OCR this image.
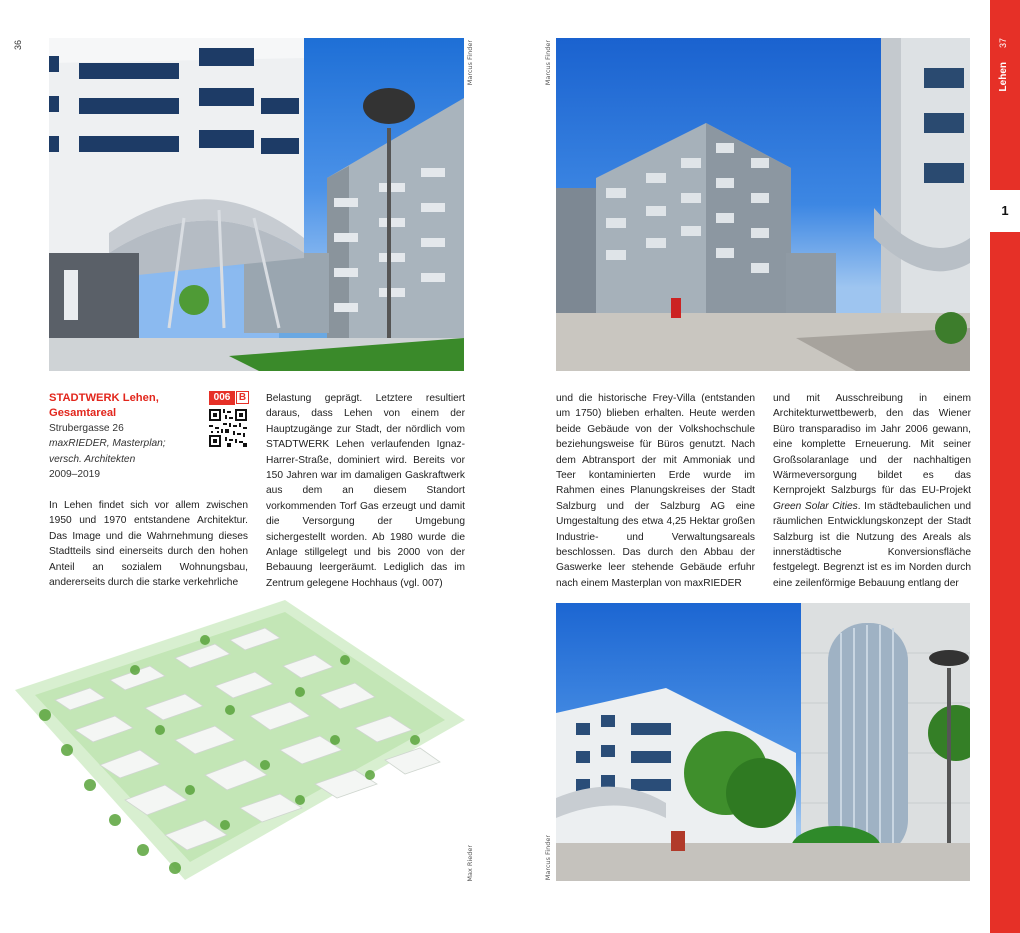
36	37
Lehen
1
Marcus Finder	Marcus Finder
STADTWERK Lehen,
Gesamtareal
Strubergasse 26
maxRIEDER, Masterplan;
versch. Architekten
2009–2019
006 B
In Lehen findet sich vor allem zwischen 1950 und 1970 entstandene Architektur. Das Image und die Wahrnehmung dieses Stadtteils sind einerseits durch den hohen Anteil an sozialem Wohnungsbau, andererseits durch die starke verkehrliche
Belastung geprägt. Letztere resultiert daraus, dass Lehen von einem der Hauptzugänge zur Stadt, der nördlich vom STADTWERK Lehen verlaufenden Ignaz-Harrer-Straße, dominiert wird. Bereits vor 150 Jahren war im damaligen Gaskraftwerk aus dem an diesem Standort vorkommenden Torf Gas erzeugt und damit die Versorgung der Umgebung sichergestellt worden. Ab 1980 wurde die Anlage stillgelegt und bis 2000 von der Bebauung leergeräumt. Lediglich das im Zentrum gelegene Hochhaus (vgl. 007)
und die historische Frey-Villa (entstanden um 1750) blieben erhalten. Heute werden beide Gebäude von der Volkshochschule beziehungsweise für Büros genutzt. Nach dem Abtransport der mit Ammoniak und Teer kontaminierten Erde wurde im Rahmen eines Planungskreises der Stadt Salzburg und der Salzburg AG eine Umgestaltung des etwa 4,25 Hektar großen Industrie- und Verwaltungsareals beschlossen. Das durch den Abbau der Gaswerke leer stehende Gebäude erfuhr nach einem Masterplan von maxRIEDER
und mit Ausschreibung in einem Architekturwettbewerb, den das Wiener Büro transparadiso im Jahr 2006 gewann, eine komplette Erneuerung. Mit seiner Großsolaranlage und der nachhaltigen Wärmeversorgung bildet es das Kernprojekt Salzburgs für das EU-Projekt Green Solar Cities. Im städtebaulichen und räumlichen Entwicklungskonzept der Stadt Salzburg ist die Nutzung des Areals als innerstädtische Konversionsfläche festgelegt. Begrenzt ist es im Norden durch eine zeilenförmige Bebauung entlang der
Max Rieder	Marcus Finder
